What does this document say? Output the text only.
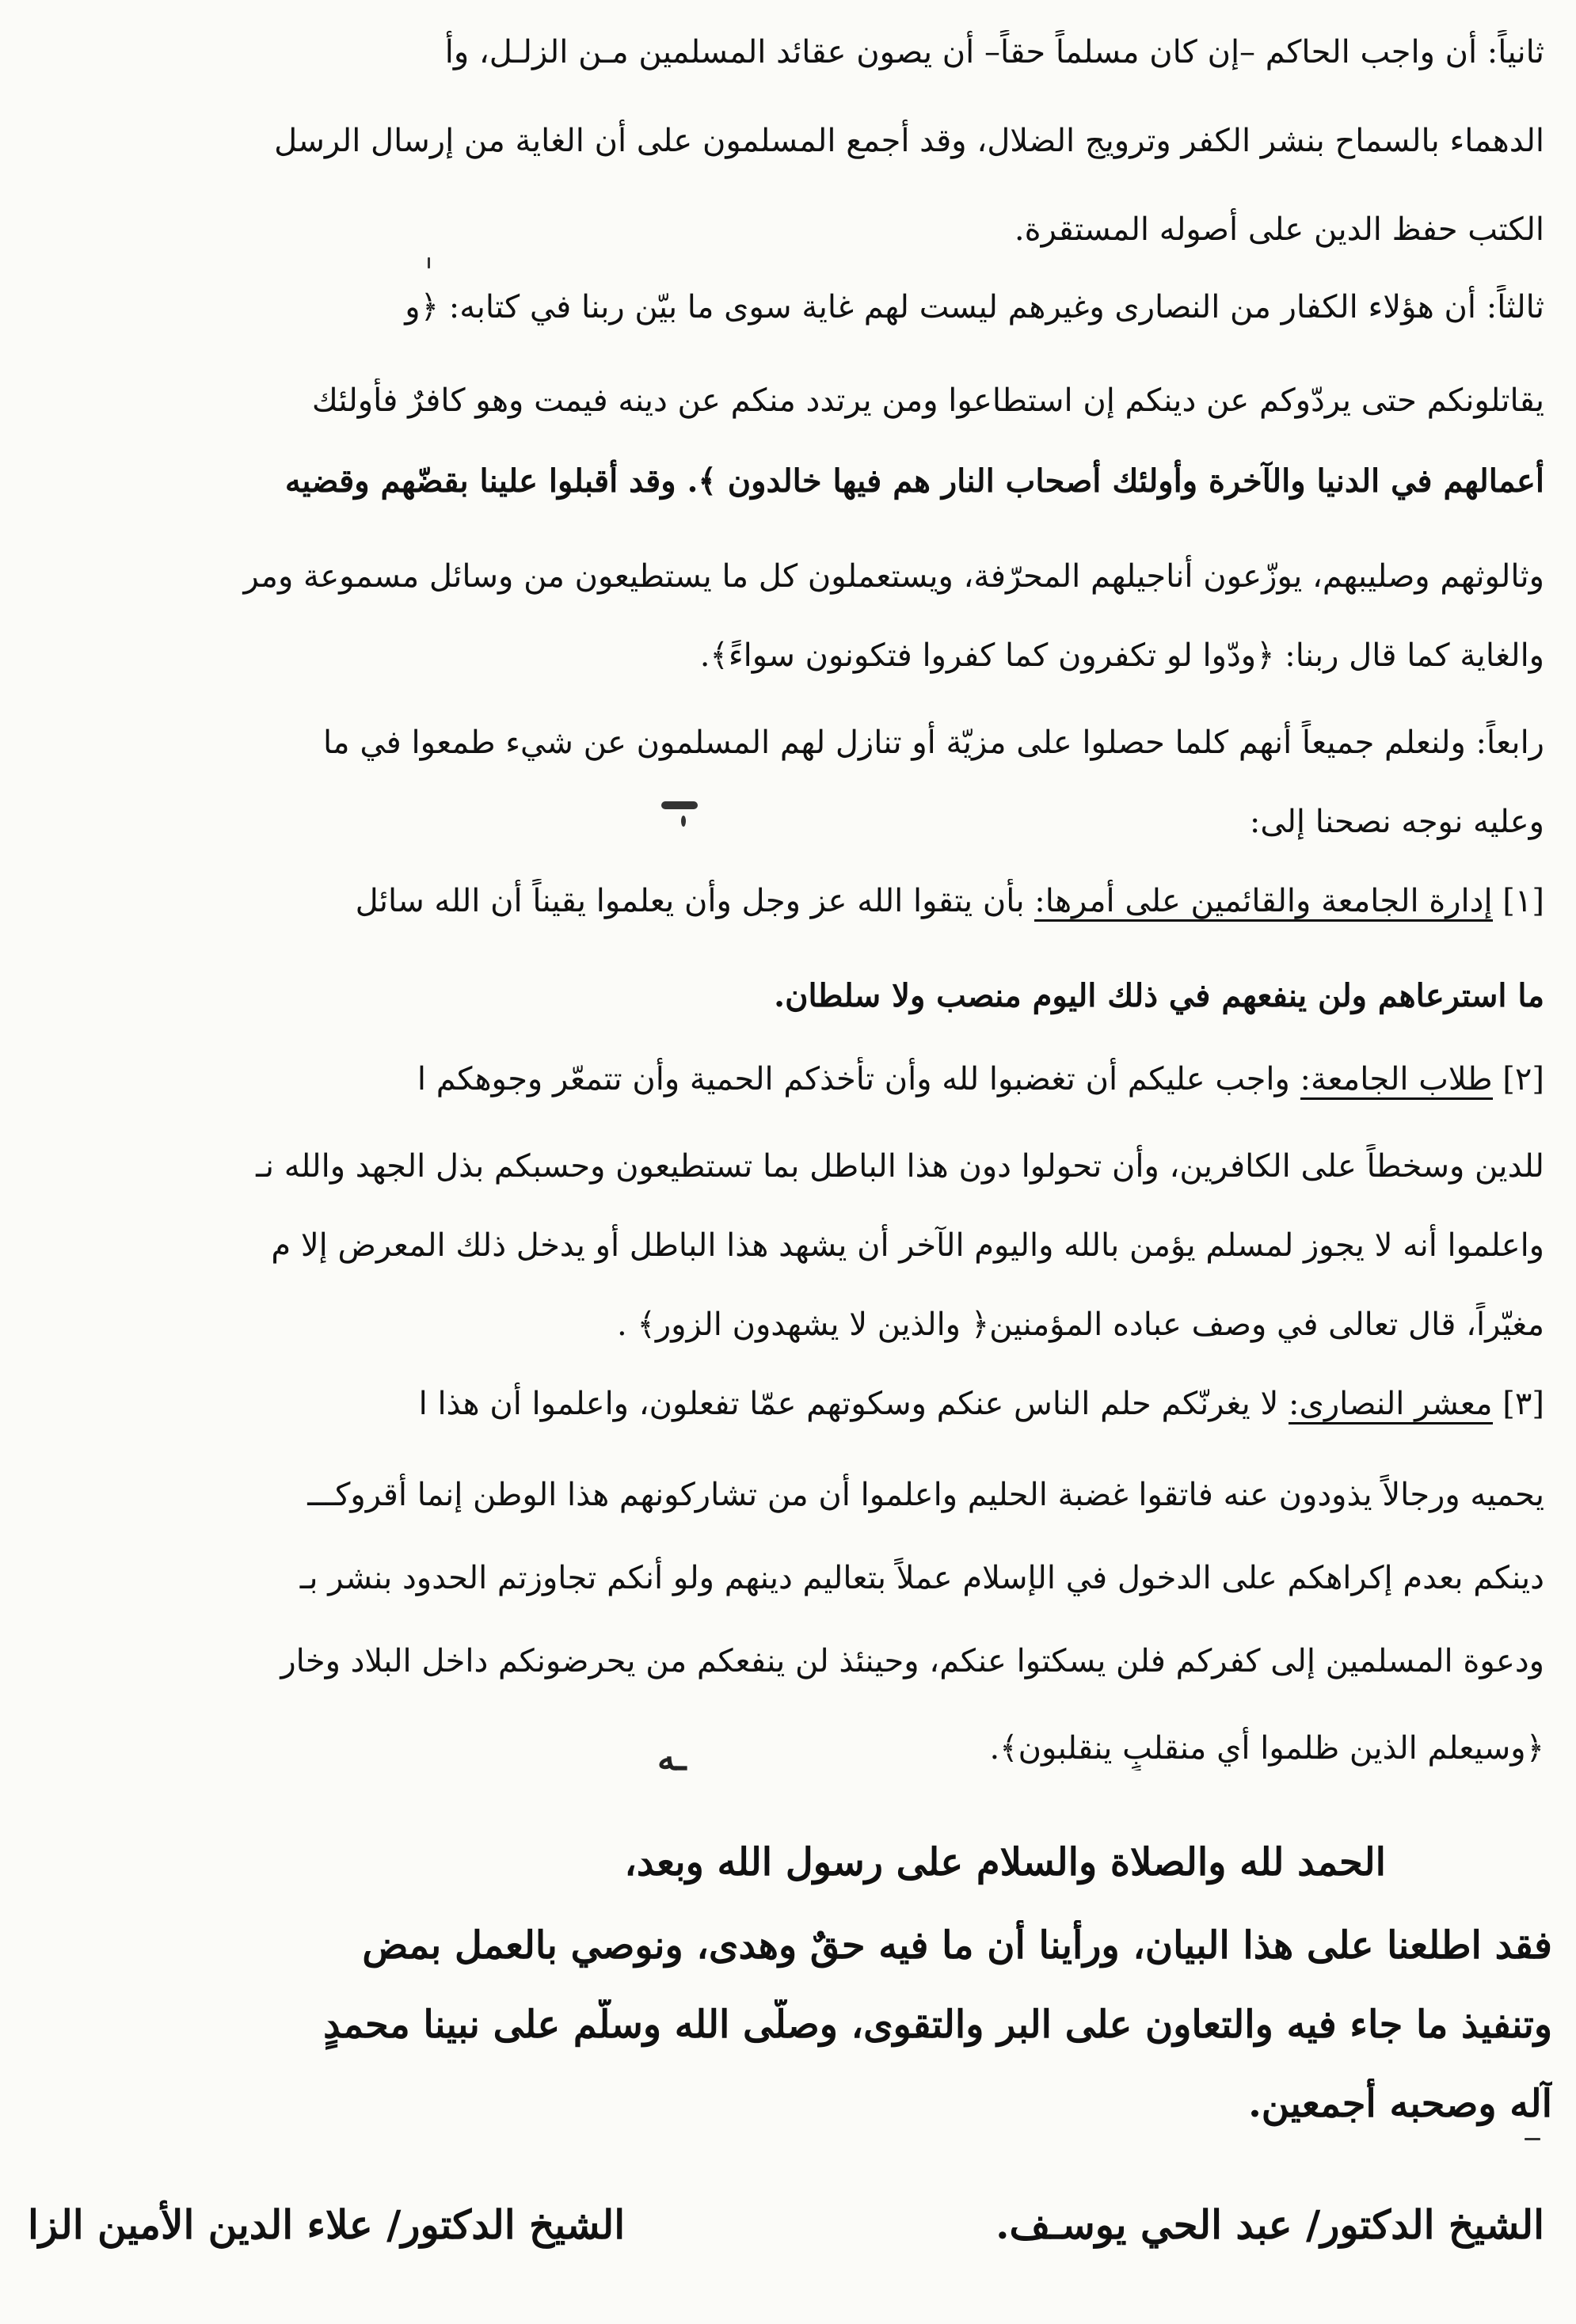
ثانياً: أن واجب الحاكم –إن كان مسلماً حقاً– أن يصون عقائد المسلمين مـن الزلـل، وأ
الدهماء بالسماح بنشر الكفر وترويج الضلال، وقد أجمع المسلمون على أن الغاية من إرسال الرسل
الكتب حفظ الدين على أصوله المستقرة.
ثالثاً: أن هؤلاء الكفار من النصارى وغيرهم ليست لهم غاية سوى ما بيّن ربنا في كتابه: ﴿و
يقاتلونكم حتى يردّوكم عن دينكم إن استطاعوا ومن يرتدد منكم عن دينه فيمت وهو كافرٌ فأولئك
أعمالهم في الدنيا والآخرة وأولئك أصحاب النار هم فيها خالدون ﴾. وقد أقبلوا علينا بقضّهم وقضيه
وثالوثهم وصليبهم، يوزّعون أناجيلهم المحرّفة، ويستعملون كل ما يستطيعون من وسائل مسموعة ومر
والغاية كما قال ربنا: ﴿ودّوا لو تكفرون كما كفروا فتكونون سواءً﴾.
رابعاً: ولنعلم جميعاً أنهم كلما حصلوا على مزيّة أو تنازل لهم المسلمون عن شيء طمعوا في ما
وعليه نوجه نصحنا إلى:
[١] إدارة الجامعة والقائمين على أمرها: بأن يتقوا الله عز وجل وأن يعلموا يقيناً أن الله سائل
ما استرعاهم ولن ينفعهم في ذلك اليوم منصب ولا سلطان.
[٢] طلاب الجامعة: واجب عليكم أن تغضبوا لله وأن تأخذكم الحمية وأن تتمعّر وجوهكم ا
للدين وسخطاً على الكافرين، وأن تحولوا دون هذا الباطل بما تستطيعون وحسبكم بذل الجهد والله نـ
واعلموا أنه لا يجوز لمسلم يؤمن بالله واليوم الآخر أن يشهد هذا الباطل أو يدخل ذلك المعرض إلا م
مغيّراً، قال تعالى في وصف عباده المؤمنين﴿ والذين لا يشهدون الزور﴾ .
[٣] معشر النصارى: لا يغرنّكم حلم الناس عنكم وسكوتهم عمّا تفعلون، واعلموا أن هذا ا
يحميه ورجالاً يذودون عنه فاتقوا غضبة الحليم واعلموا أن من تشاركونهم هذا الوطن إنما أقروكـــ
دينكم بعدم إكراهكم على الدخول في الإسلام عملاً بتعاليم دينهم ولو أنكم تجاوزتم الحدود بنشر بـ
ودعوة المسلمين إلى كفركم فلن يسكتوا عنكم، وحينئذ لن ينفعكم من يحرضونكم داخل البلاد وخار
﴿وسيعلم الذين ظلموا أي منقلبٍ ينقلبون﴾.
ـه
الحمد لله والصلاة والسلام على رسول الله وبعد،
فقد اطلعنا على هذا البيان، ورأينا أن ما فيه حقٌ وهدى، ونوصي بالعمل بمض
وتنفيذ ما جاء فيه والتعاون على البر والتقوى، وصلّى الله وسلّم على نبينا محمدٍ
آله وصحبه أجمعين.
الشيخ الدكتور/ عبد الحي يوسـف.
الشيخ الدكتور/ علاء الدين الأمين الزا
